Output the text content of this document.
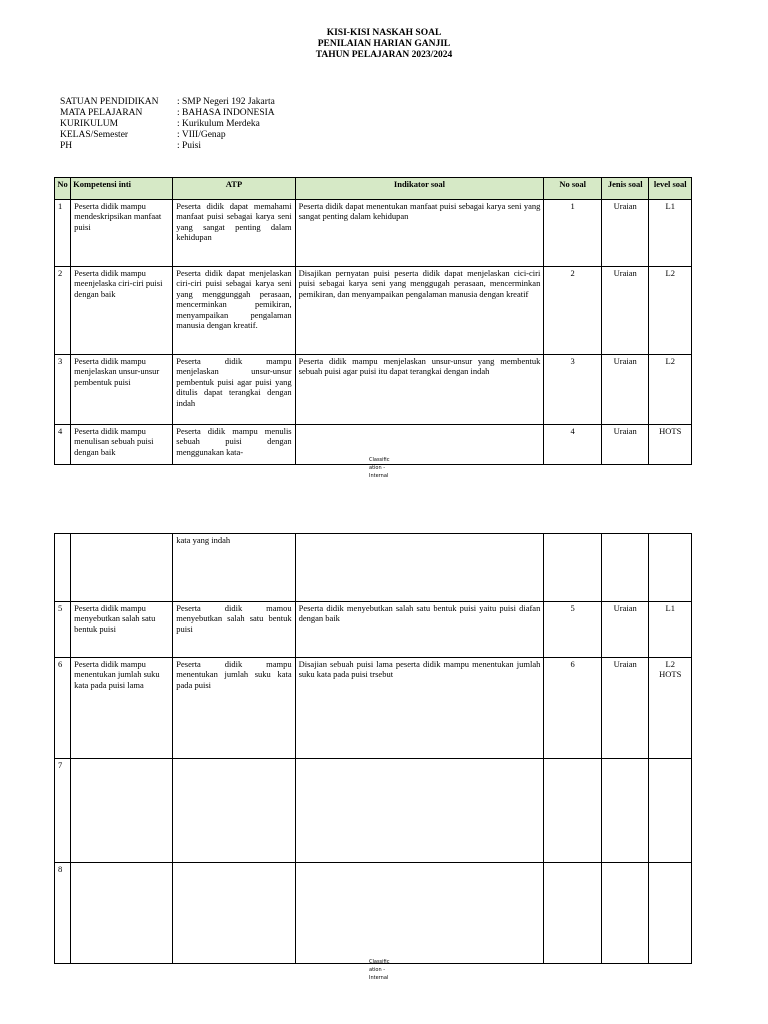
KISI-KISI NASKAH SOAL
PENILAIAN HARIAN GANJIL
TAHUN PELAJARAN 2023/2024
SATUAN PENDIDIKAN	: SMP Negeri 192 Jakarta
MATA PELAJARAN	: BAHASA INDONESIA
KURIKULUM	: Kurikulum Merdeka
KELAS/Semester	: VIII/Genap
PH	: Puisi
No	Kompetensi inti	ATP	Indikator soal	No soal	Jenis soal	level soal
1	Peserta didik mampu mendeskripsikan manfaat puisi	Peserta didik dapat memahami manfaat puisi sebagai karya seni yang sangat penting dalam kehidupan	Peserta didik dapat menentukan manfaat puisi sebagai karya seni yang sangat penting dalam kehidupan	1	Uraian	L1
2	Peserta didik mampu meenjelaska ciri-ciri puisi dengan baik	Peserta didik dapat menjelaskan ciri-ciri puisi sebagai karya seni yang menggunggah perasaan, mencerminkan pemikiran, menyampaikan pengalaman manusia dengan kreatif.	Disajikan pernyatan puisi peserta didik dapat menjelaskan cici-ciri puisi sebagai karya seni yang menggugah perasaan, mencerminkan pemikiran, dan menyampaikan pengalaman manusia dengan kreatif	2	Uraian	L2
3	Peserta didik mampu menjelaskan unsur-unsur pembentuk puisi	Peserta didik mampu menjelaskan unsur-unsur pembentuk puisi agar puisi yang ditulis dapat terangkai dengan indah	Peserta didik mampu menjelaskan unsur-unsur yang membentuk sebuah puisi agar puisi itu dapat terangkai dengan indah	3	Uraian	L2
4	Peserta didik mampu menulisan sebuah puisi dengan baik	Peserta didik mampu menulis sebuah puisi dengan menggunakan kata-		4	Uraian	HOTS
Classific ation - Internal
		kata yang indah				
5	Peserta didik mampu menyebutkan salah satu bentuk puisi	Peserta didik mamou menyebutkan salah satu bentuk puisi	Peserta didik menyebutkan salah satu bentuk puisi yaitu puisi diafan dengan baik	5	Uraian	L1
6	Peserta didik mampu menentukan jumlah suku kata pada puisi lama	Peserta didik mampu menentukan jumlah suku kata pada puisi	Disajian sebuah puisi lama peserta didik mampu menentukan jumlah suku kata pada puisi trsebut	6	Uraian	L2 HOTS
7						
8						
Classific ation - Internal
